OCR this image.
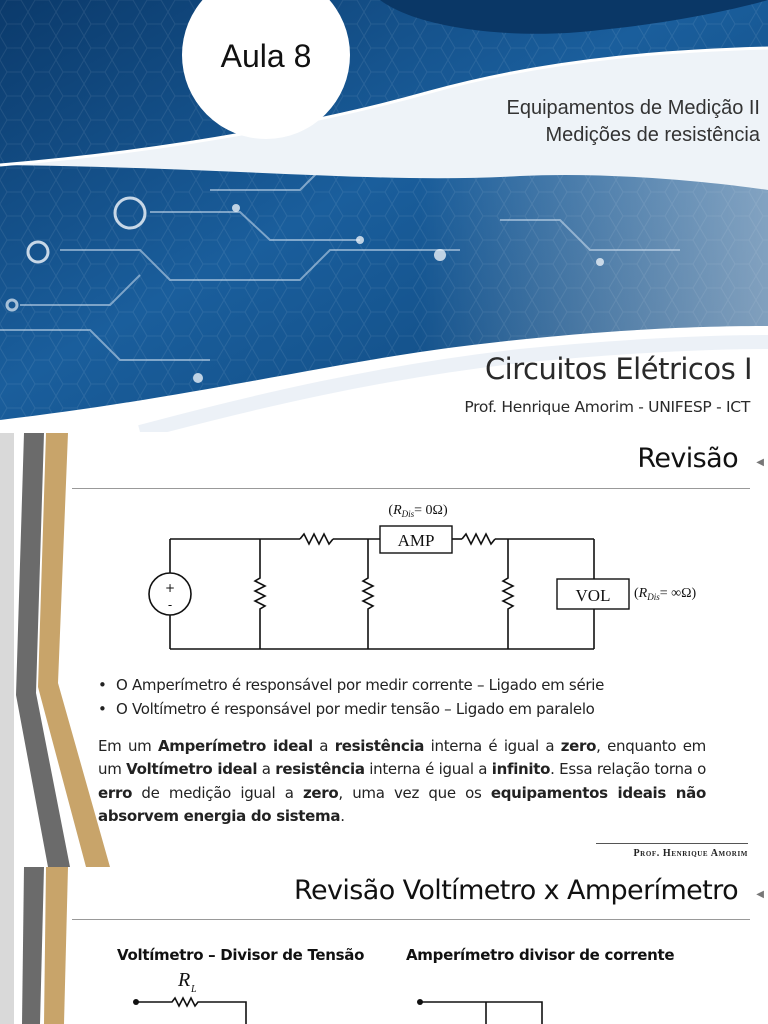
Aula 8
Equipamentos de Medição II
Medições de resistência
Circuitos Elétricos I
Prof. Henrique Amorim - UNIFESP - ICT
Revisão ◀
+
-
AMP
VOL
$(R_{Dis}= 0\Omega)$
$(R_{Dis}= \infty\Omega)$
• O Amperímetro é responsável por medir corrente – Ligado em série
• O Voltímetro é responsável por medir tensão – Ligado em paralelo
Em um Amperímetro ideal a resistência interna é igual a zero, enquanto em um Voltímetro ideal a resistência interna é igual a infinito. Essa relação torna o erro de medição igual a zero, uma vez que os equipamentos ideais não absorvem energia do sistema.
Prof. Henrique Amorim
Revisão Voltímetro x Amperímetro ◀
Voltímetro – Divisor de Tensão	Amperímetro divisor de corrente
R L
